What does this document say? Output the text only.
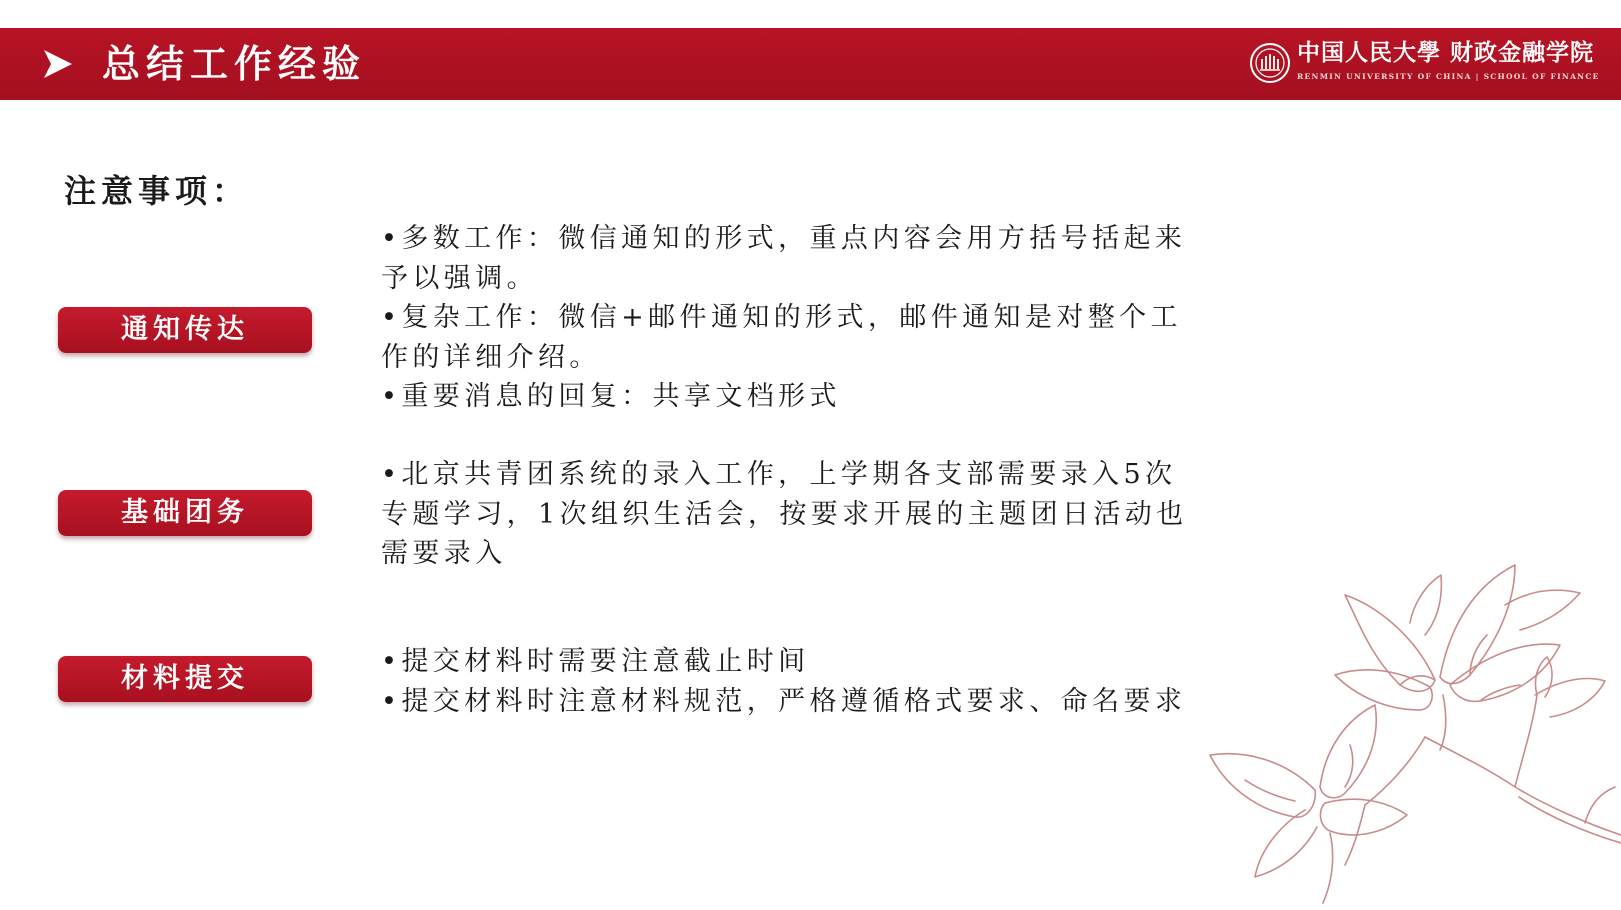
总结工作经验	中国人民大學 财政金融学院
RENMIN UNIVERSITY OF CHINA | SCHOOL OF FINANCE
注意事项：
通知传达

•多数工作：微信通知的形式，重点内容会用方括号括起来予以强调。

•复杂工作：微信+邮件通知的形式，邮件通知是对整个工作的详细介绍。

•重要消息的回复：共享文档形式

基础团务

•北京共青团系统的录入工作，上学期各支部需要录入5次专题学习，1次组织生活会，按要求开展的主题团日活动也需要录入

材料提交

•提交材料时需要注意截止时间

•提交材料时注意材料规范，严格遵循格式要求、命名要求
